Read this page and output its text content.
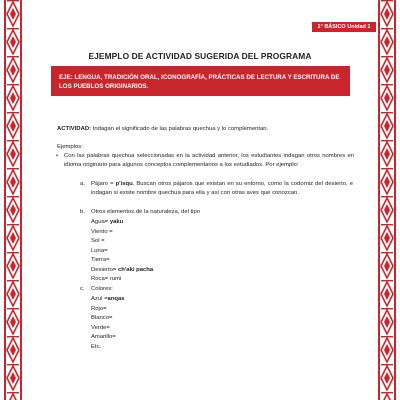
1° BÁSICO Unidad 1
EJEMPLO DE ACTIVIDAD SUGERIDA DEL PROGRAMA
EJE: LENGUA, TRADICIÓN ORAL, ICONOGRAFÍA, PRÁCTICAS DE LECTURA Y ESCRITURA DE LOS PUEBLOS ORIGINARIOS.
ACTIVIDAD: Indagan el significado de las palabras quechua y lo complementan.
Ejemplos:
• Con las palabras quechua seleccionadas en la actividad anterior, los estudiantes indagan otros nombres en idioma originario para algunos conceptos complementarios a los estudiados. Por ejemplo:
a. Pájaro = p'isqu. Buscan otros pájaros que existan en su entorno, como la codorniz del desierto, e indagan si existe nombre quechua para ella y así con otras aves que conozcan.
b. Otros elementos de la naturaleza, del tipo
Agua= yaku
Viento =
Sol =
Luna=
Tierra=
Desierto= ch'aki pacha
Roca= rumi
c. Colores:
Azul =anqas
Rojo=
Blanco=
Verde=
Amarillo=
Etc.
